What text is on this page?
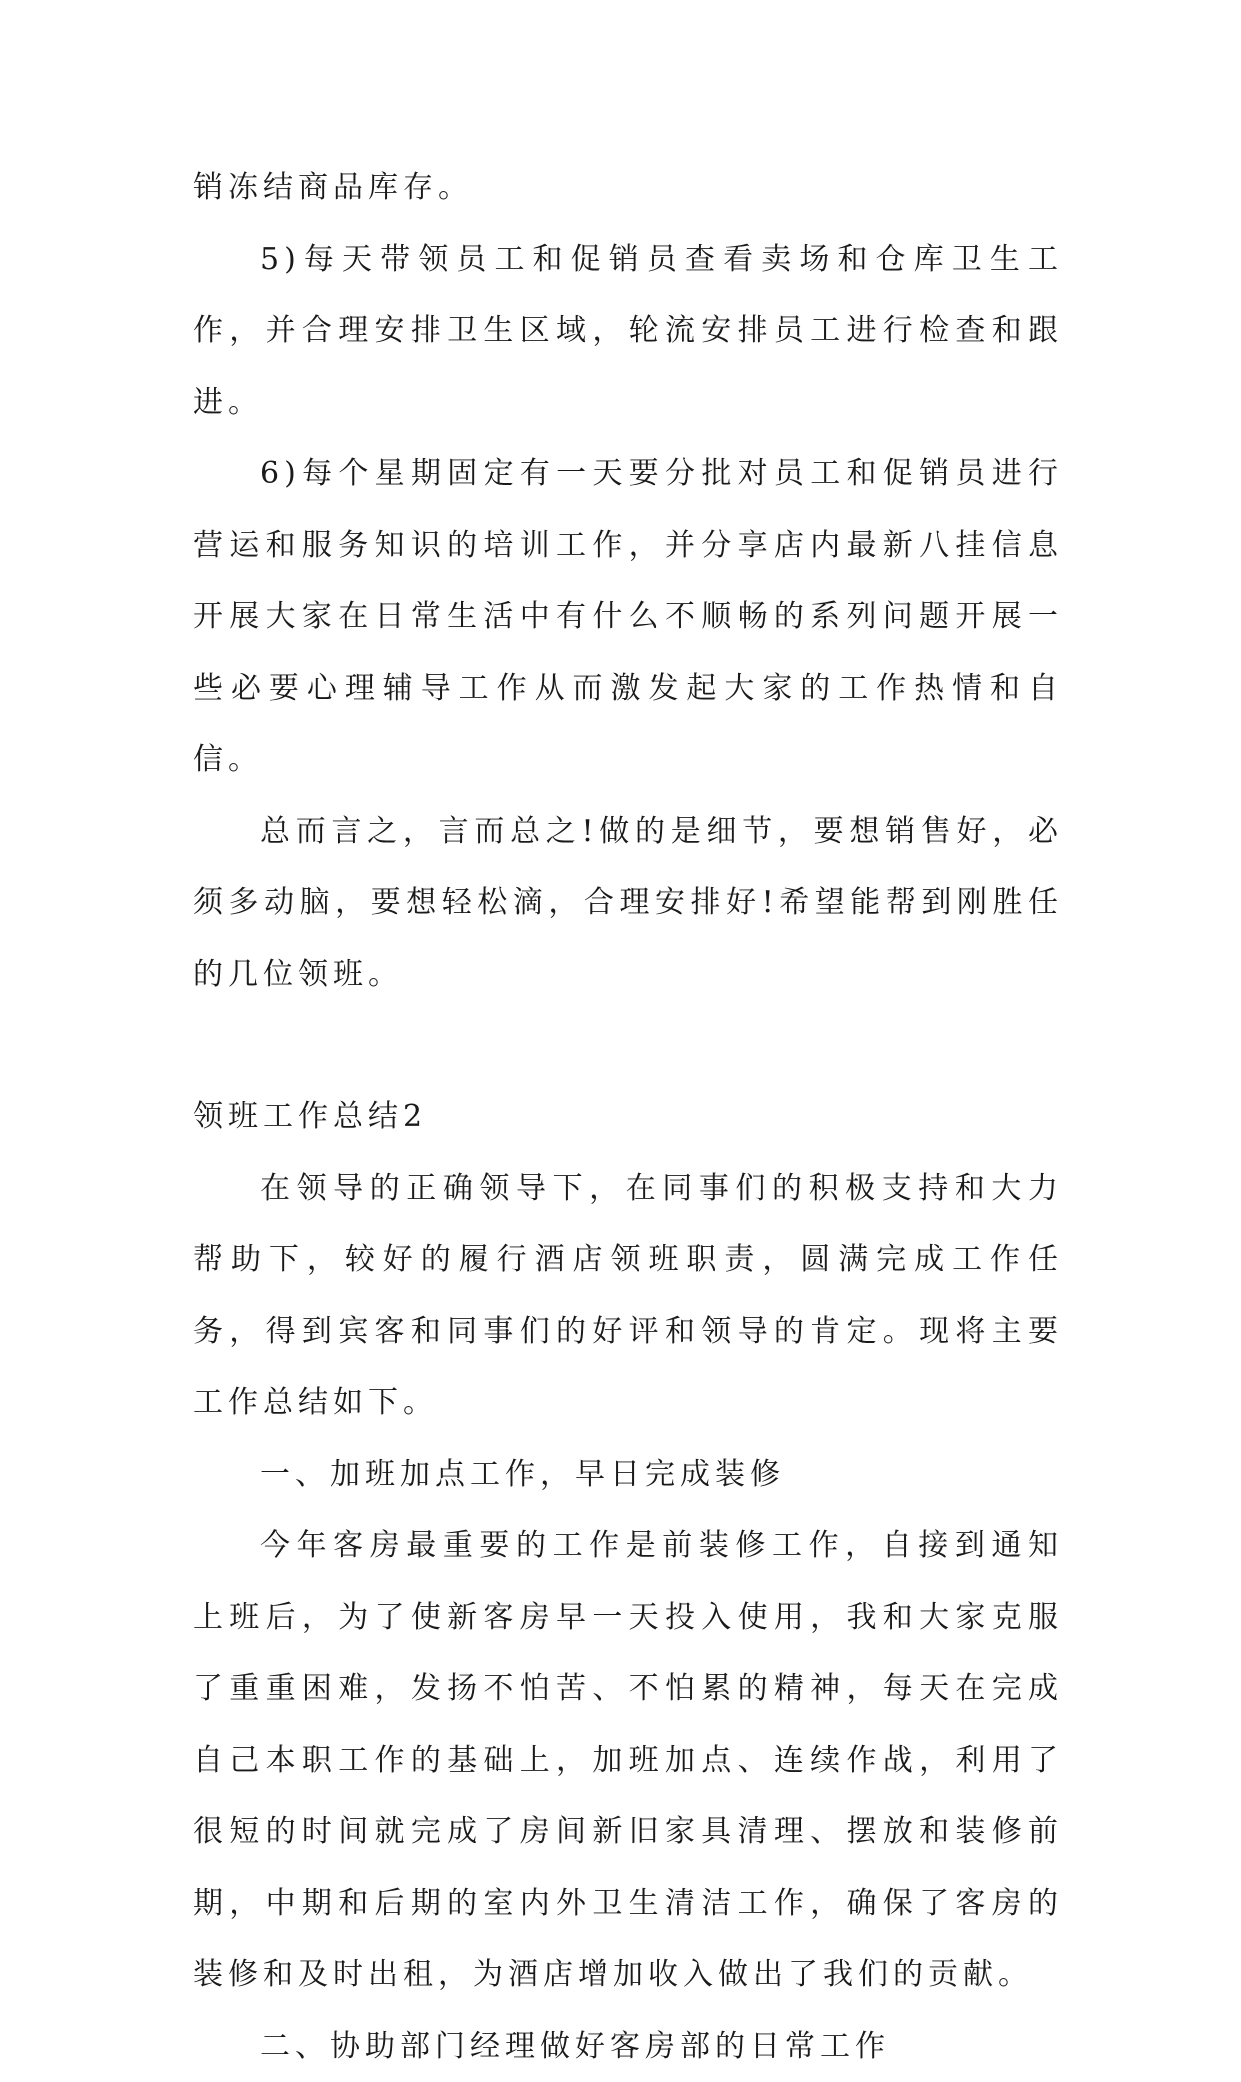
销冻结商品库存。

5)每天带领员工和促销员查看卖场和仓库卫生工作，并合理安排卫生区域，轮流安排员工进行检查和跟进。

6)每个星期固定有一天要分批对员工和促销员进行营运和服务知识的培训工作，并分享店内最新八挂信息开展大家在日常生活中有什么不顺畅的系列问题开展一些必要心理辅导工作从而激发起大家的工作热情和自信。

总而言之，言而总之!做的是细节，要想销售好，必须多动脑，要想轻松滴，合理安排好!希望能帮到刚胜任的几位领班。

领班工作总结2

在领导的正确领导下，在同事们的积极支持和大力帮助下，较好的履行酒店领班职责，圆满完成工作任务，得到宾客和同事们的好评和领导的肯定。现将主要工作总结如下。

一、加班加点工作，早日完成装修

今年客房最重要的工作是前装修工作，自接到通知上班后，为了使新客房早一天投入使用，我和大家克服了重重困难，发扬不怕苦、不怕累的精神，每天在完成自己本职工作的基础上，加班加点、连续作战，利用了很短的时间就完成了房间新旧家具清理、摆放和装修前期，中期和后期的室内外卫生清洁工作，确保了客房的装修和及时出租，为酒店增加收入做出了我们的贡献。

二、协助部门经理做好客房部的日常工作
